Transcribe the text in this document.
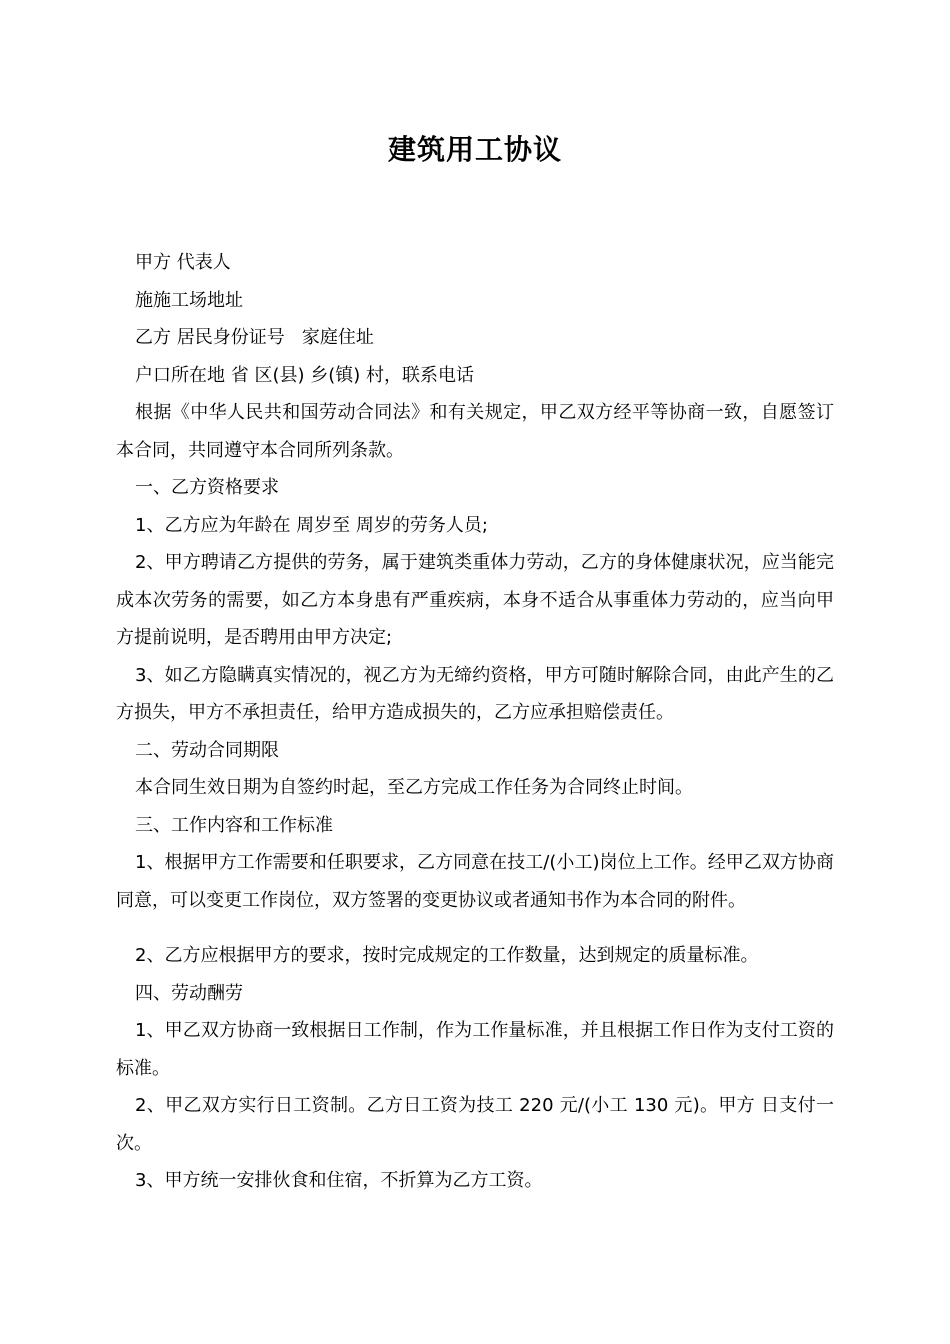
建筑用工协议

甲方 代表人

施施工场地址

乙方 居民身份证号   家庭住址

户口所在地 省 区(县) 乡(镇) 村，联系电话

根据《中华人民共和国劳动合同法》和有关规定，甲乙双方经平等协商一致，自愿签订本合同，共同遵守本合同所列条款。

一、乙方资格要求

1、乙方应为年龄在 周岁至 周岁的劳务人员;

2、甲方聘请乙方提供的劳务，属于建筑类重体力劳动，乙方的身体健康状况，应当能完成本次劳务的需要，如乙方本身患有严重疾病，本身不适合从事重体力劳动的，应当向甲方提前说明，是否聘用由甲方决定;

3、如乙方隐瞒真实情况的，视乙方为无缔约资格，甲方可随时解除合同，由此产生的乙方损失，甲方不承担责任，给甲方造成损失的，乙方应承担赔偿责任。

二、劳动合同期限

本合同生效日期为自签约时起，至乙方完成工作任务为合同终止时间。

三、工作内容和工作标准

1、根据甲方工作需要和任职要求，乙方同意在技工/(小工)岗位上工作。经甲乙双方协商同意，可以变更工作岗位，双方签署的变更协议或者通知书作为本合同的附件。

2、乙方应根据甲方的要求，按时完成规定的工作数量，达到规定的质量标准。

四、劳动酬劳

1、甲乙双方协商一致根据日工作制，作为工作量标准，并且根据工作日作为支付工资的标准。

2、甲乙双方实行日工资制。乙方日工资为技工 220 元/(小工 130 元)。甲方 日支付一次。

3、甲方统一安排伙食和住宿，不折算为乙方工资。
